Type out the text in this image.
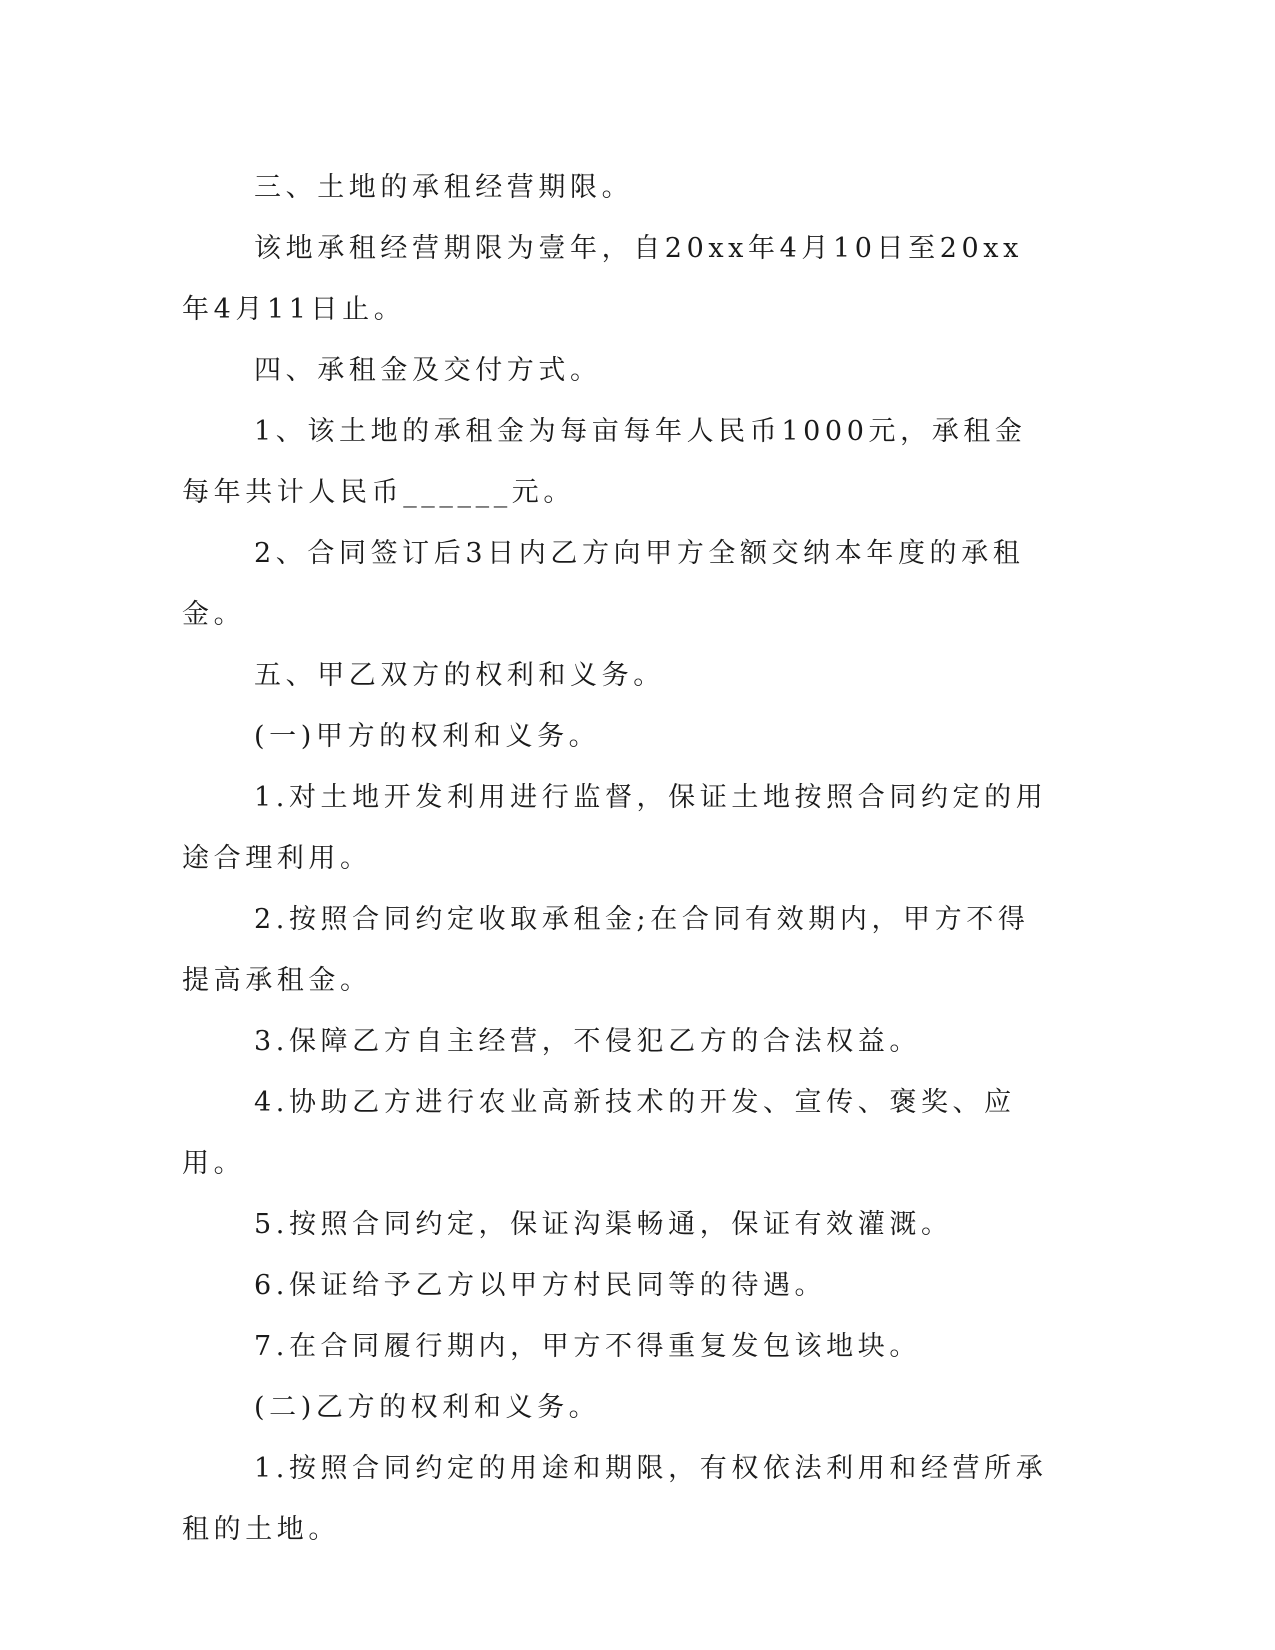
三、土地的承租经营期限。

该地承租经营期限为壹年，自20xx年4月10日至20xx年4月11日止。

四、承租金及交付方式。

1、该土地的承租金为每亩每年人民币1000元，承租金每年共计人民币______元。

2、合同签订后3日内乙方向甲方全额交纳本年度的承租金。

五、甲乙双方的权利和义务。

(一)甲方的权利和义务。

1.对土地开发利用进行监督，保证土地按照合同约定的用途合理利用。

2.按照合同约定收取承租金;在合同有效期内，甲方不得提高承租金。

3.保障乙方自主经营，不侵犯乙方的合法权益。

4.协助乙方进行农业高新技术的开发、宣传、褒奖、应用。

5.按照合同约定，保证沟渠畅通，保证有效灌溉。

6.保证给予乙方以甲方村民同等的待遇。

7.在合同履行期内，甲方不得重复发包该地块。

(二)乙方的权利和义务。

1.按照合同约定的用途和期限，有权依法利用和经营所承租的土地。
